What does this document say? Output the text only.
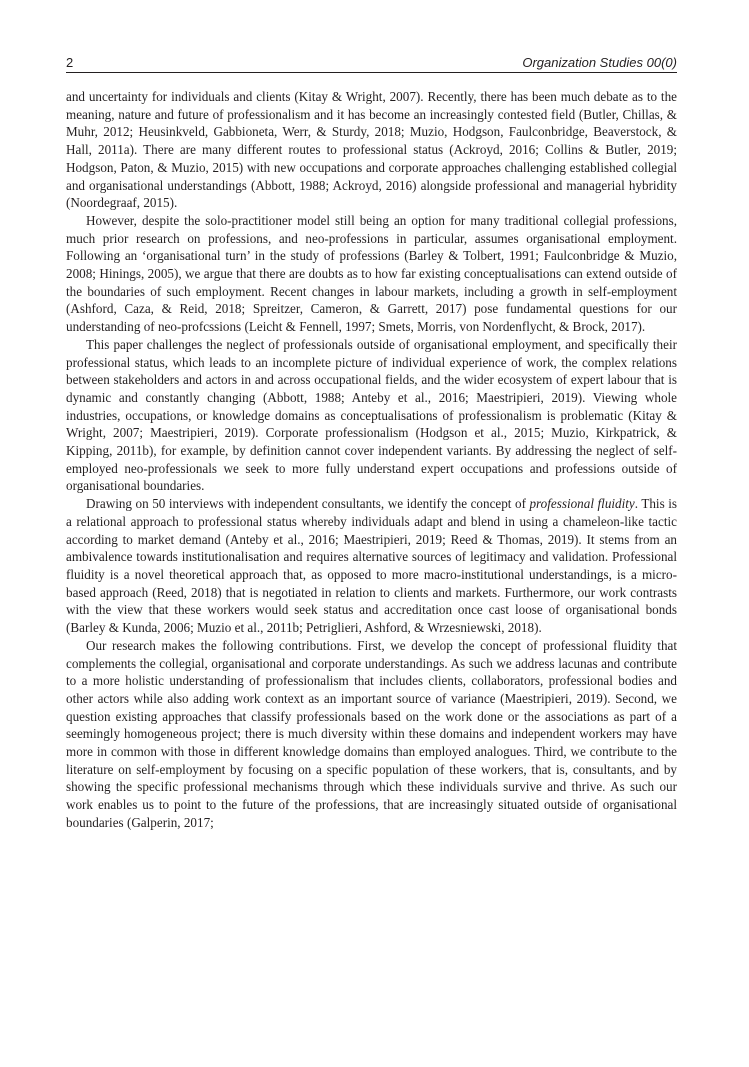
2	Organization Studies 00(0)

and uncertainty for individuals and clients (Kitay & Wright, 2007). Recently, there has been much debate as to the meaning, nature and future of professionalism and it has become an increasingly contested field (Butler, Chillas, & Muhr, 2012; Heusinkveld, Gabbioneta, Werr, & Sturdy, 2018; Muzio, Hodgson, Faulconbridge, Beaverstock, & Hall, 2011a). There are many different routes to professional status (Ackroyd, 2016; Collins & Butler, 2019; Hodgson, Paton, & Muzio, 2015) with new occupations and corporate approaches challenging established collegial and organisational understandings (Abbott, 1988; Ackroyd, 2016) alongside professional and managerial hybridity (Noordegraaf, 2015).

However, despite the solo-practitioner model still being an option for many traditional collegial professions, much prior research on professions, and neo-professions in particular, assumes organisational employment. Following an ‘organisational turn’ in the study of professions (Barley & Tolbert, 1991; Faulconbridge & Muzio, 2008; Hinings, 2005), we argue that there are doubts as to how far existing conceptualisations can extend outside of the boundaries of such employment. Recent changes in labour markets, including a growth in self-employment (Ashford, Caza, & Reid, 2018; Spreitzer, Cameron, & Garrett, 2017) pose fundamental questions for our understanding of neo-profcssions (Leicht & Fennell, 1997; Smets, Morris, von Nordenflycht, & Brock, 2017).

This paper challenges the neglect of professionals outside of organisational employment, and specifically their professional status, which leads to an incomplete picture of individual experience of work, the complex relations between stakeholders and actors in and across occupational fields, and the wider ecosystem of expert labour that is dynamic and constantly changing (Abbott, 1988; Anteby et al., 2016; Maestripieri, 2019). Viewing whole industries, occupations, or knowledge domains as conceptualisations of professionalism is problematic (Kitay & Wright, 2007; Maestripieri, 2019). Corporate professionalism (Hodgson et al., 2015; Muzio, Kirkpatrick, & Kipping, 2011b), for example, by definition cannot cover independent variants. By addressing the neglect of self-employed neo-professionals we seek to more fully understand expert occupations and professions outside of organisational boundaries.

Drawing on 50 interviews with independent consultants, we identify the concept of professional fluidity. This is a relational approach to professional status whereby individuals adapt and blend in using a chameleon-like tactic according to market demand (Anteby et al., 2016; Maestripieri, 2019; Reed & Thomas, 2019). It stems from an ambivalence towards institutionalisation and requires alternative sources of legitimacy and validation. Professional fluidity is a novel theoretical approach that, as opposed to more macro-institutional understandings, is a micro-based approach (Reed, 2018) that is negotiated in relation to clients and markets. Furthermore, our work contrasts with the view that these workers would seek status and accreditation once cast loose of organisational bonds (Barley & Kunda, 2006; Muzio et al., 2011b; Petriglieri, Ashford, & Wrzesniewski, 2018).

Our research makes the following contributions. First, we develop the concept of professional fluidity that complements the collegial, organisational and corporate understandings. As such we address lacunas and contribute to a more holistic understanding of professionalism that includes clients, collaborators, professional bodies and other actors while also adding work context as an important source of variance (Maestripieri, 2019). Second, we question existing approaches that classify professionals based on the work done or the associations as part of a seemingly homogeneous project; there is much diversity within these domains and independent workers may have more in common with those in different knowledge domains than employed analogues. Third, we contribute to the literature on self-employment by focusing on a specific population of these workers, that is, consultants, and by showing the specific professional mechanisms through which these individuals survive and thrive. As such our work enables us to point to the future of the professions, that are increasingly situated outside of organisational boundaries (Galperin, 2017;
